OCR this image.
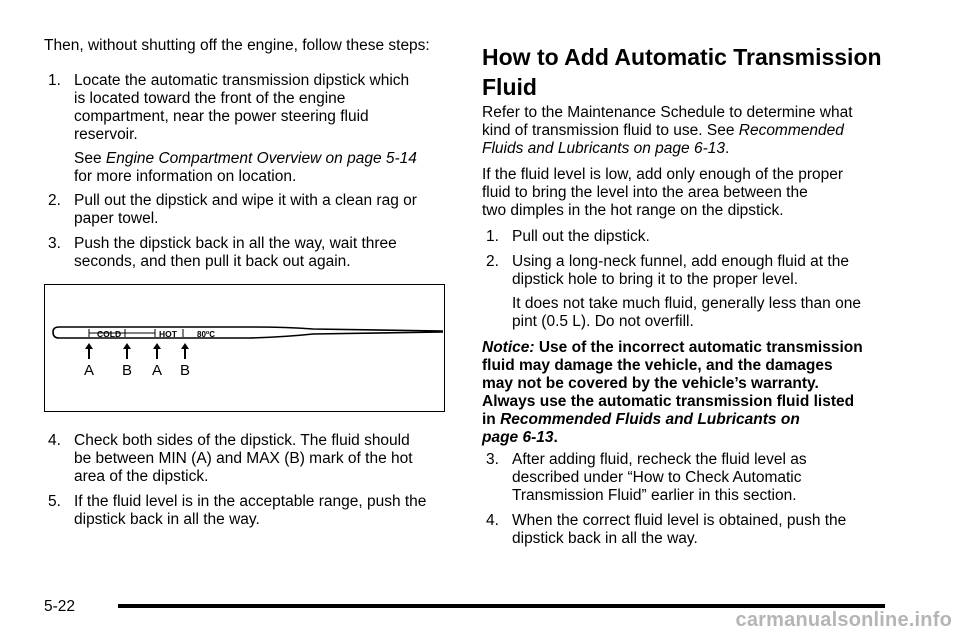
Then, without shutting off the engine, follow these steps:

1. Locate the automatic transmission dipstick which
is located toward the front of the engine
compartment, near the power steering fluid
reservoir.
See Engine Compartment Overview on page 5-14
for more information on location.
2. Pull out the dipstick and wipe it with a clean rag or
paper towel.
3. Push the dipstick back in all the way, wait three
seconds, and then pull it back out again.
4. Check both sides of the dipstick. The fluid should
be between MIN (A) and MAX (B) mark of the hot
area of the dipstick.
5. If the fluid level is in the acceptable range, push the
dipstick back in all the way.
COLD	HOT	80$^o$C
A B A B
How to Add Automatic Transmission
Fluid
Refer to the Maintenance Schedule to determine what
kind of transmission fluid to use. See Recommended
Fluids and Lubricants on page 6-13.
If the fluid level is low, add only enough of the proper
fluid to bring the level into the area between the
two dimples in the hot range on the dipstick.
1. Pull out the dipstick.
2. Using a long-neck funnel, add enough fluid at the
dipstick hole to bring it to the proper level.
It does not take much fluid, generally less than one
pint (0.5 L). Do not overfill.
Notice: Use of the incorrect automatic transmission
fluid may damage the vehicle, and the damages
may not be covered by the vehicle’s warranty.
Always use the automatic transmission fluid listed
in Recommended Fluids and Lubricants on
page 6-13.
3. After adding fluid, recheck the fluid level as
described under “How to Check Automatic
Transmission Fluid” earlier in this section.
4. When the correct fluid level is obtained, push the
dipstick back in all the way.
5-22
carmanualsonline.info
